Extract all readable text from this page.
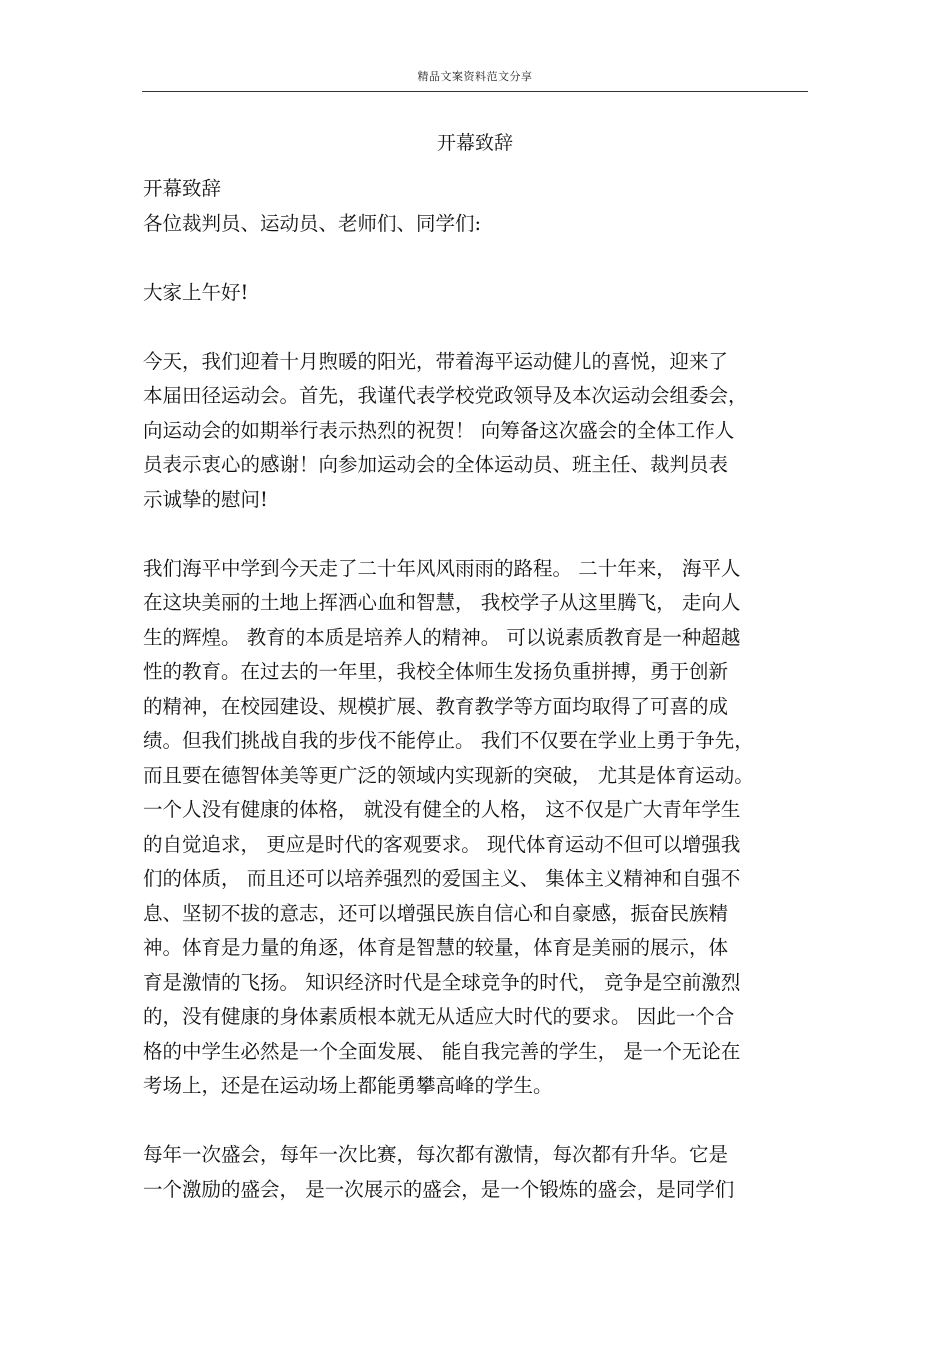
精品文案资料范文分享
开幕致辞
开幕致辞
各位裁判员、运动员、老师们、同学们:
大家上午好!
今天，我们迎着十月煦暖的阳光，带着海平运动健儿的喜悦，迎来了
本届田径运动会。首先，我谨代表学校党政领导及本次运动会组委会，
向运动会的如期举行表示热烈的祝贺！ 向筹备这次盛会的全体工作人
员表示衷心的感谢！向参加运动会的全体运动员、班主任、裁判员表
示诚挚的慰问!
我们海平中学到今天走了二十年风风雨雨的路程。 二十年来， 海平人
在这块美丽的土地上挥洒心血和智慧， 我校学子从这里腾飞， 走向人
生的辉煌。 教育的本质是培养人的精神。 可以说素质教育是一种超越
性的教育。在过去的一年里，我校全体师生发扬负重拼搏，勇于创新
的精神，在校园建设、规模扩展、教育教学等方面均取得了可喜的成
绩。但我们挑战自我的步伐不能停止。 我们不仅要在学业上勇于争先，
而且要在德智体美等更广泛的领域内实现新的突破， 尤其是体育运动。
一个人没有健康的体格， 就没有健全的人格， 这不仅是广大青年学生
的自觉追求， 更应是时代的客观要求。 现代体育运动不但可以增强我
们的体质， 而且还可以培养强烈的爱国主义、 集体主义精神和自强不
息、坚韧不拔的意志，还可以增强民族自信心和自豪感，振奋民族精
神。体育是力量的角逐，体育是智慧的较量，体育是美丽的展示，体
育是激情的飞扬。 知识经济时代是全球竞争的时代， 竞争是空前激烈
的，没有健康的身体素质根本就无从适应大时代的要求。 因此一个合
格的中学生必然是一个全面发展、 能自我完善的学生， 是一个无论在
考场上，还是在运动场上都能勇攀高峰的学生。
每年一次盛会，每年一次比赛，每次都有激情，每次都有升华。它是
一个激励的盛会， 是一次展示的盛会，是一个锻炼的盛会，是同学们
